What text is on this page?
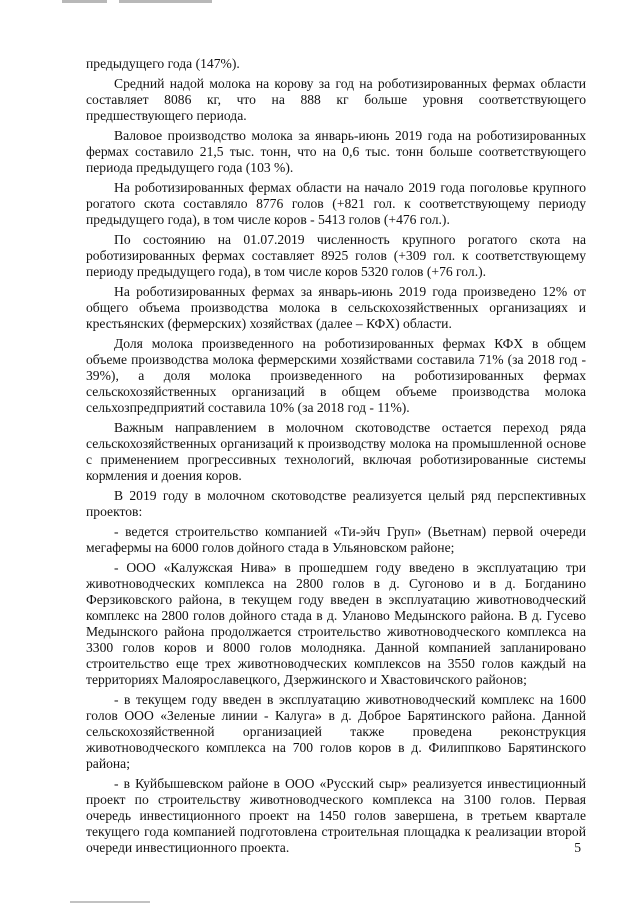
предыдущего года (147%).

Средний надой молока на корову за год на роботизированных фермах области составляет 8086 кг, что на 888 кг больше уровня соответствующего предшествующего периода.

Валовое производство молока за январь-июнь 2019 года на роботизированных фермах составило 21,5 тыс. тонн, что на 0,6 тыс. тонн больше соответствующего периода предыдущего года (103 %).

На роботизированных фермах области на начало 2019 года поголовье крупного рогатого скота составляло 8776 голов (+821 гол. к соответствующему периоду предыдущего года), в том числе коров - 5413 голов (+476 гол.).

По состоянию на 01.07.2019 численность крупного рогатого скота на роботизированных фермах составляет 8925 голов (+309 гол. к соответствующему периоду предыдущего года), в том числе коров 5320 голов (+76 гол.).

На роботизированных фермах за январь-июнь 2019 года произведено 12% от общего объема производства молока в сельскохозяйственных организациях и крестьянских (фермерских) хозяйствах (далее – КФХ) области.

Доля молока произведенного на роботизированных фермах КФХ в общем объеме производства молока фермерскими хозяйствами составила 71% (за 2018 год - 39%), а доля молока произведенного на роботизированных фермах сельскохозяйственных организаций в общем объеме производства молока сельхозпредприятий составила 10% (за 2018 год - 11%).

Важным направлением в молочном скотоводстве остается переход ряда сельскохозяйственных организаций к производству молока на промышленной основе с применением прогрессивных технологий, включая роботизированные системы кормления и доения коров.

В 2019 году в молочном скотоводстве реализуется целый ряд перспективных проектов:

- ведется строительство компанией «Ти-эйч Груп» (Вьетнам) первой очереди мегафермы на 6000 голов дойного стада в Ульяновском районе;

- ООО «Калужская Нива» в прошедшем году введено в эксплуатацию три животноводческих комплекса на 2800 голов в д. Сугоново и в д. Богданино Ферзиковского района, в текущем году введен в эксплуатацию животноводческий комплекс на 2800 голов дойного стада в д. Уланово Медынского района. В д. Гусево Медынского района продолжается строительство животноводческого комплекса на 3300 голов коров и 8000 голов молодняка. Данной компанией запланировано строительство еще трех животноводческих комплексов на 3550 голов каждый на территориях Малоярославецкого, Дзержинского и Хвастовичского районов;

- в текущем году введен в эксплуатацию животноводческий комплекс на 1600 голов ООО «Зеленые линии - Калуга» в д. Доброе Барятинского района. Данной сельскохозяйственной организацией также проведена реконструкция животноводческого комплекса на 700 голов коров в д. Филиппково Барятинского района;

- в Куйбышевском районе в ООО «Русский сыр» реализуется инвестиционный проект по строительству животноводческого комплекса на 3100 голов. Первая очередь инвестиционного проект на 1450 голов завершена, в третьем квартале текущего года компанией подготовлена строительная площадка к реализации второй очереди инвестиционного проекта.	5
